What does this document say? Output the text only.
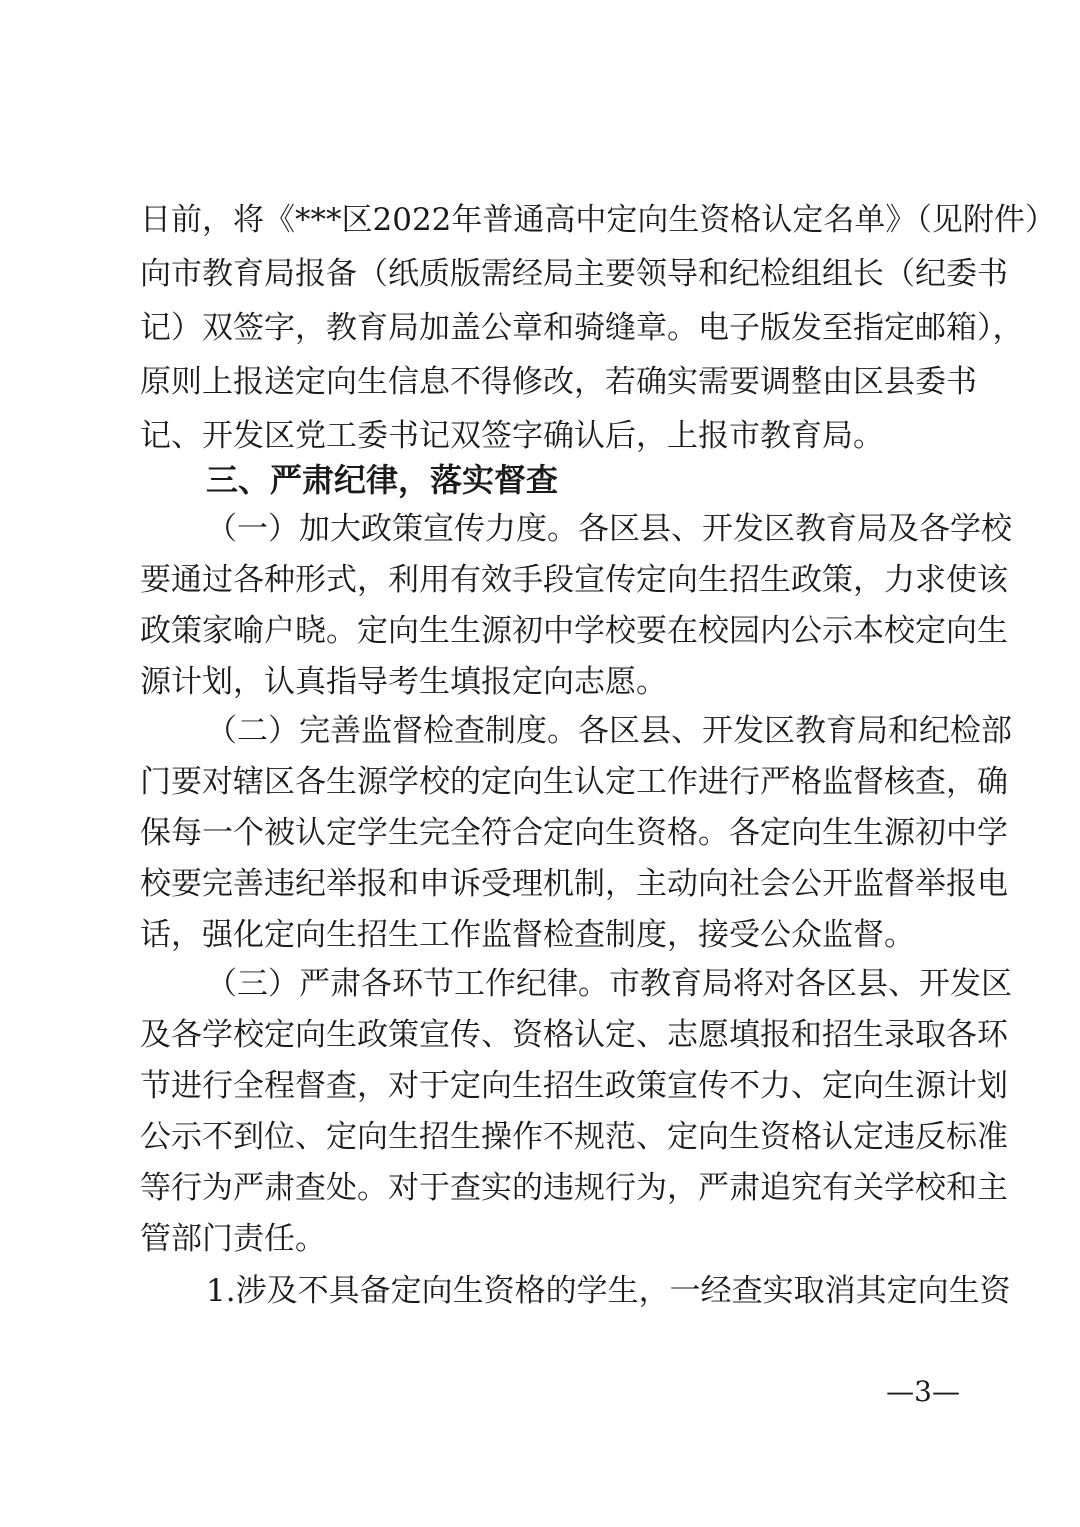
日前，将《***区2022年普通高中定向生资格认定名单》（见附件）
向市教育局报备（纸质版需经局主要领导和纪检组组长（纪委书
记）双签字，教育局加盖公章和骑缝章。电子版发至指定邮箱），
原则上报送定向生信息不得修改，若确实需要调整由区县委书
记、开发区党工委书记双签字确认后，上报市教育局。
三、严肃纪律，落实督查
（一）加大政策宣传力度。各区县、开发区教育局及各学校
要通过各种形式，利用有效手段宣传定向生招生政策，力求使该
政策家喻户晓。定向生生源初中学校要在校园内公示本校定向生
源计划，认真指导考生填报定向志愿。
（二）完善监督检查制度。各区县、开发区教育局和纪检部
门要对辖区各生源学校的定向生认定工作进行严格监督核查，确
保每一个被认定学生完全符合定向生资格。各定向生生源初中学
校要完善违纪举报和申诉受理机制，主动向社会公开监督举报电
话，强化定向生招生工作监督检查制度，接受公众监督。
（三）严肃各环节工作纪律。市教育局将对各区县、开发区
及各学校定向生政策宣传、资格认定、志愿填报和招生录取各环
节进行全程督查，对于定向生招生政策宣传不力、定向生源计划
公示不到位、定向生招生操作不规范、定向生资格认定违反标准
等行为严肃查处。对于查实的违规行为，严肃追究有关学校和主
管部门责任。
1.涉及不具备定向生资格的学生，一经查实取消其定向生资
—3—
